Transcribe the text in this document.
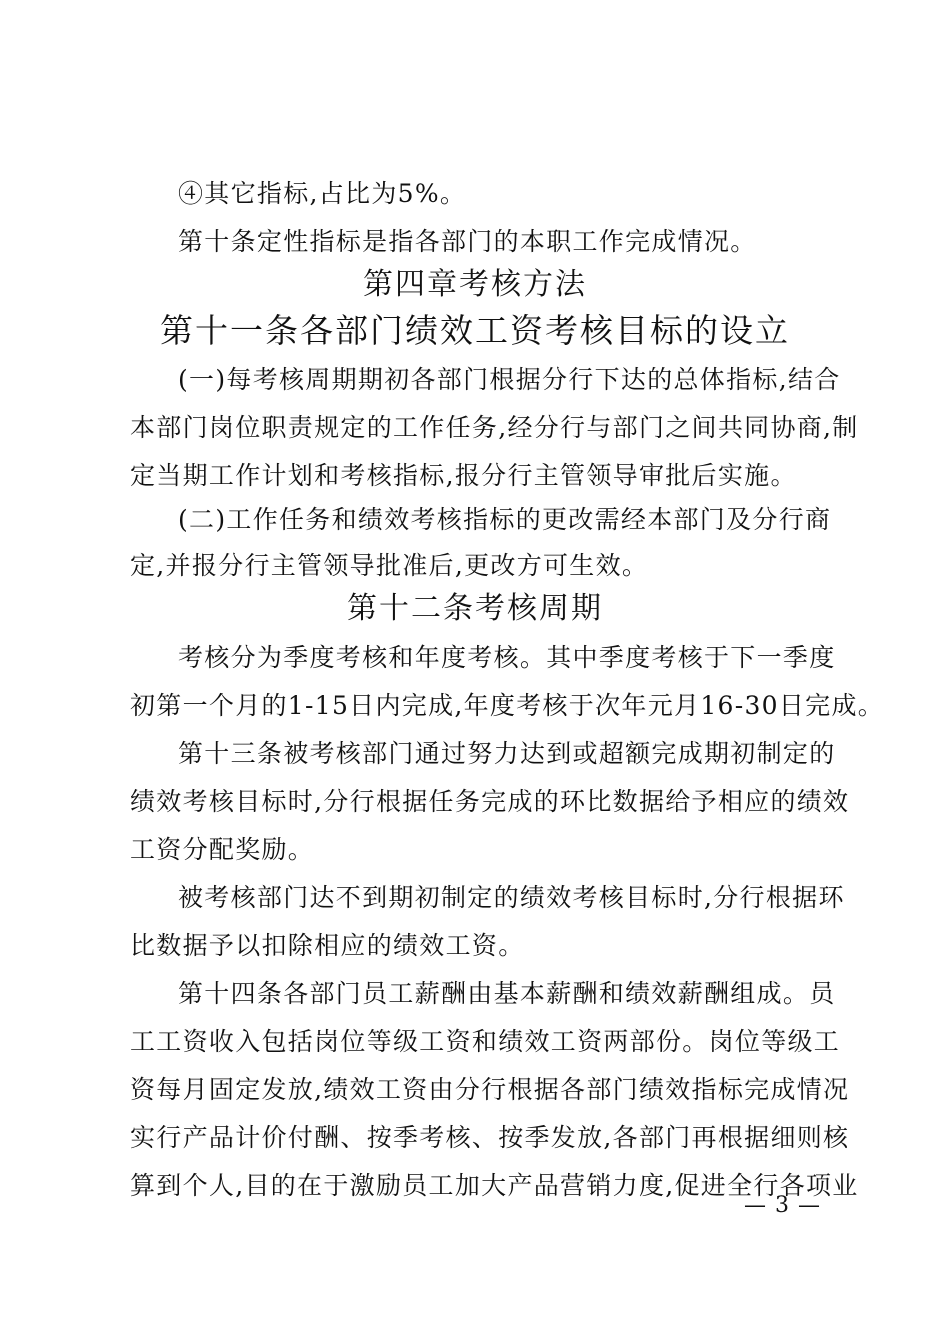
④其它指标,占比为5%。
第十条定性指标是指各部门的本职工作完成情况。
第四章考核方法
第十一条各部门绩效工资考核目标的设立
(一)每考核周期期初各部门根据分行下达的总体指标,结合
本部门岗位职责规定的工作任务,经分行与部门之间共同协商,制
定当期工作计划和考核指标,报分行主管领导审批后实施。
(二)工作任务和绩效考核指标的更改需经本部门及分行商
定,并报分行主管领导批准后,更改方可生效。
第十二条考核周期
考核分为季度考核和年度考核。其中季度考核于下一季度
初第一个月的1-15日内完成,年度考核于次年元月16-30日完成。
第十三条被考核部门通过努力达到或超额完成期初制定的
绩效考核目标时,分行根据任务完成的环比数据给予相应的绩效
工资分配奖励。
被考核部门达不到期初制定的绩效考核目标时,分行根据环
比数据予以扣除相应的绩效工资。
第十四条各部门员工薪酬由基本薪酬和绩效薪酬组成。员
工工资收入包括岗位等级工资和绩效工资两部份。岗位等级工
资每月固定发放,绩效工资由分行根据各部门绩效指标完成情况
实行产品计价付酬、按季考核、按季发放,各部门再根据细则核
算到个人,目的在于激励员工加大产品营销力度,促进全行各项业
— 3 —
